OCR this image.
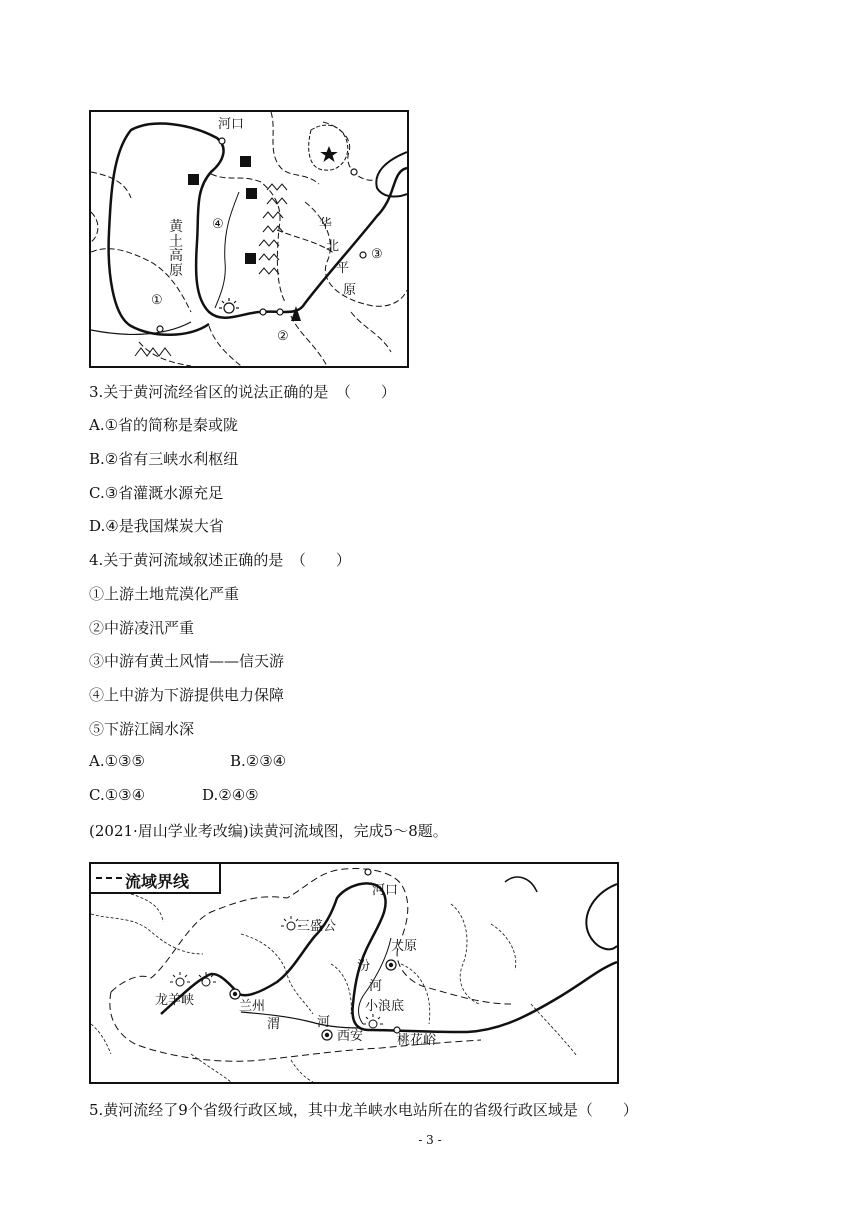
河口
黄土高原
华
北
平
原
①
②
③
④
3.关于黄河流经省区的说法正确的是　（　　）
A.①省的简称是秦或陇
B.②省有三峡水利枢纽
C.③省灌溉水源充足
D.④是我国煤炭大省
4.关于黄河流域叙述正确的是　（　　）
①上游土地荒漠化严重
②中游凌汛严重
③中游有黄土风情——信天游
④上中游为下游提供电力保障
⑤下游江阔水深
A.①③⑤	B.②③④
C.①③④	D.②④⑤
(2021·眉山学业考改编)读黄河流域图，完成5～8题。
流域界线	河口
三盛公
太原
汾
河
小浪底
龙羊峡	兰州
渭	河
西安	桃花峪
5.黄河流经了9个省级行政区域，其中龙羊峡水电站所在的省级行政区域是（　　）
- 3 -
